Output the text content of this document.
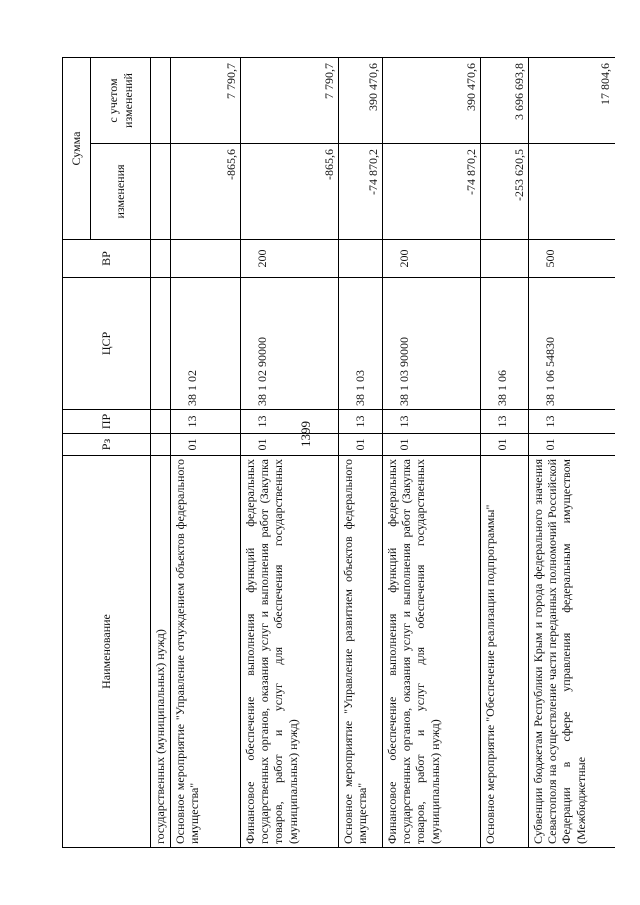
1399
Наименование	Рз	ПР	ЦСР	ВР	Сумма	
					изменения	с учетом изменений
государственных (муниципальных) нужд)						
Основное мероприятие "Управление отчуждением объектов федерального имущества"	01	13	38 1 02		-865,6	7 790,7
Финансовое обеспечение выполнения функций федеральных государственных органов, оказания услуг и выполнения работ (Закупка товаров, работ и услуг для обеспечения государственных (муниципальных) нужд)	01	13	38 1 02 90000	200	-865,6	7 790,7
Основное мероприятие "Управление развитием объектов федерального имущества"	01	13	38 1 03		-74 870,2	390 470,6
Финансовое обеспечение выполнения функций федеральных государственных органов, оказания услуг и выполнения работ (Закупка товаров, работ и услуг для обеспечения государственных (муниципальных) нужд)	01	13	38 1 03 90000	200	-74 870,2	390 470,6
Основное мероприятие "Обеспечение реализации подпрограммы"	01	13	38 1 06		-253 620,5	3 696 693,8
Субвенции бюджетам Республики Крым и города федерального значения Севастополя на осуществление части переданных полномочий Российской Федерации в сфере управления федеральным имуществом (Межбюджетные	01	13	38 1 06 54830	500		17 804,6
